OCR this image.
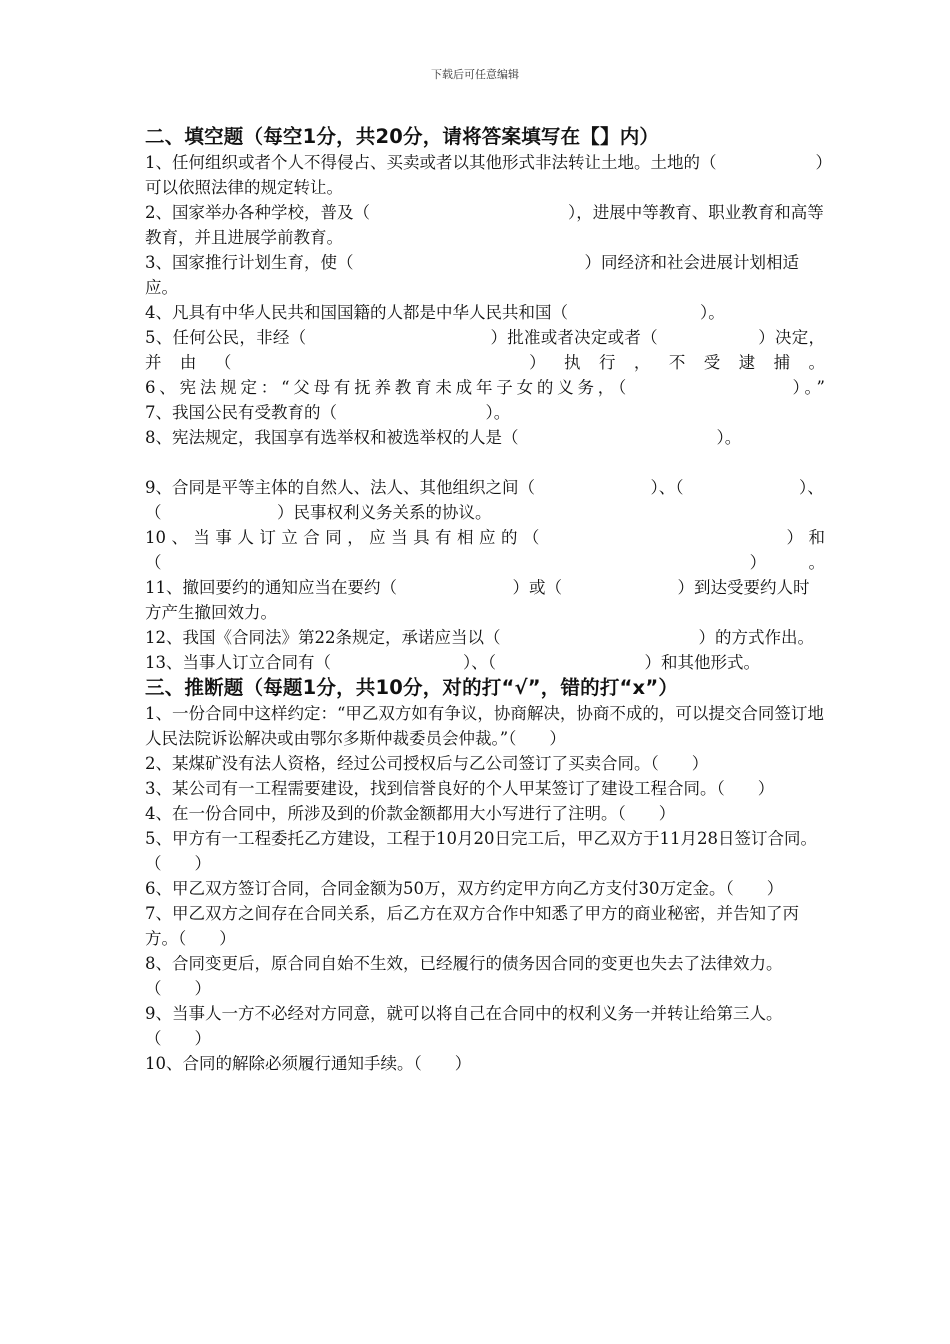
下载后可任意编辑

二、填空题（每空1分，共20分，请将答案填写在【】内）

1、任何组织或者个人不得侵占、买卖或者以其他形式非法转让土地。土地的（　　　　　　）可以依照法律的规定转让。

2、国家举办各种学校，普及（　　　　　　　　　　　　），进展中等教育、职业教育和高等教育，并且进展学前教育。

3、国家推行计划生育，使（　　　　　　　　　　　　　　）同经济和社会进展计划相适应。

4、凡具有中华人民共和国国籍的人都是中华人民共和国（　　　　　　　　）。

5、任何公民，非经（　　　　　　　　　　　）批准或者决定或者（　　　　　　）决定，并由（　　　　　　　　）执行，不受逮捕。

6、宪法规定：“父母有抚养教育未成年子女的义务，（　　　　　　　　）。”

7、我国公民有受教育的（　　　　　　　　　）。

8、宪法规定，我国享有选举权和被选举权的人是（　　　　　　　　　　　　）。

9、合同是平等主体的自然人、法人、其他组织之间（　　　　　　　）、（　　　　　　　）、（　　　　　　　）民事权利义务关系的协议。

10、当事人订立合同，应当具有相应的（　　　　　　　　　　　）和（　　　　　　　　）。

11、撤回要约的通知应当在要约（　　　　　　　）或（　　　　　　　）到达受要约人时方产生撤回效力。

12、我国《合同法》第22条规定，承诺应当以（　　　　　　　　　　　　）的方式作出。

13、当事人订立合同有（　　　　　　　　）、（　　　　　　　　　）和其他形式。

三、推断题（每题1分，共10分，对的打“√”，错的打“x”）

1、一份合同中这样约定：“甲乙双方如有争议，协商解决，协商不成的，可以提交合同签订地人民法院诉讼解决或由鄂尔多斯仲裁委员会仲裁。”（　　）

2、某煤矿没有法人资格，经过公司授权后与乙公司签订了买卖合同。（　　）

3、某公司有一工程需要建设，找到信誉良好的个人甲某签订了建设工程合同。（　　）

4、在一份合同中，所涉及到的价款金额都用大小写进行了注明。（　　）

5、甲方有一工程委托乙方建设，工程于10月20日完工后，甲乙双方于11月28日签订合同。（　　）

6、甲乙双方签订合同，合同金额为50万，双方约定甲方向乙方支付30万定金。（　　）

7、甲乙双方之间存在合同关系，后乙方在双方合作中知悉了甲方的商业秘密，并告知了丙方。（　　）

8、合同变更后，原合同自始不生效，已经履行的债务因合同的变更也失去了法律效力。（　　）

9、当事人一方不必经对方同意，就可以将自己在合同中的权利义务一并转让给第三人。（　　）

10、合同的解除必须履行通知手续。（　　）
